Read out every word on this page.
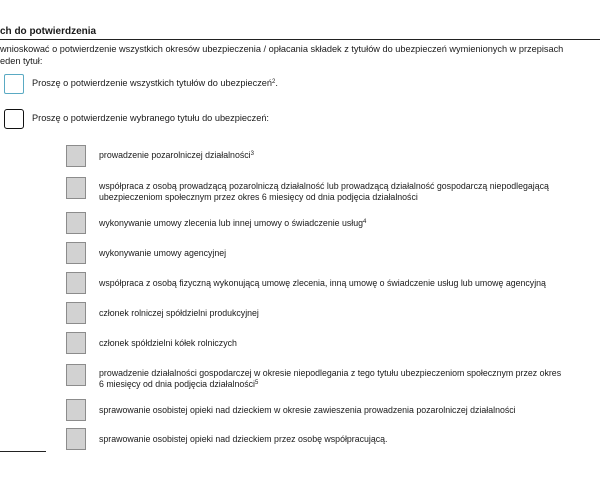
ch do potwierdzenia
wnioskować o potwierdzenie wszystkich okresów ubezpieczenia / opłacania składek z tytułów do ubezpieczeń wymienionych w przepisach
eden tytuł:
Proszę o potwierdzenie wszystkich tytułów do ubezpieczeń$^2$.
Proszę o potwierdzenie wybranego tytułu do ubezpieczeń:
prowadzenie pozarolniczej działalności$^3$
współpraca z osobą prowadzącą pozarolniczą działalność lub prowadzącą działalność gospodarczą niepodlegającą
ubezpieczeniom społecznym przez okres 6 miesięcy od dnia podjęcia działalności
wykonywanie umowy zlecenia lub innej umowy o świadczenie usług$^4$
wykonywanie umowy agencyjnej
współpraca z osobą fizyczną wykonującą umowę zlecenia, inną umowę o świadczenie usług lub umowę agencyjną
członek rolniczej spółdzielni produkcyjnej
członek spółdzielni kółek rolniczych
prowadzenie działalności gospodarczej w okresie niepodlegania z tego tytułu ubezpieczeniom społecznym przez okres
6 miesięcy od dnia podjęcia działalności$^5$
sprawowanie osobistej opieki nad dzieckiem w okresie zawieszenia prowadzenia pozarolniczej działalności
sprawowanie osobistej opieki nad dzieckiem przez osobę współpracującą.
